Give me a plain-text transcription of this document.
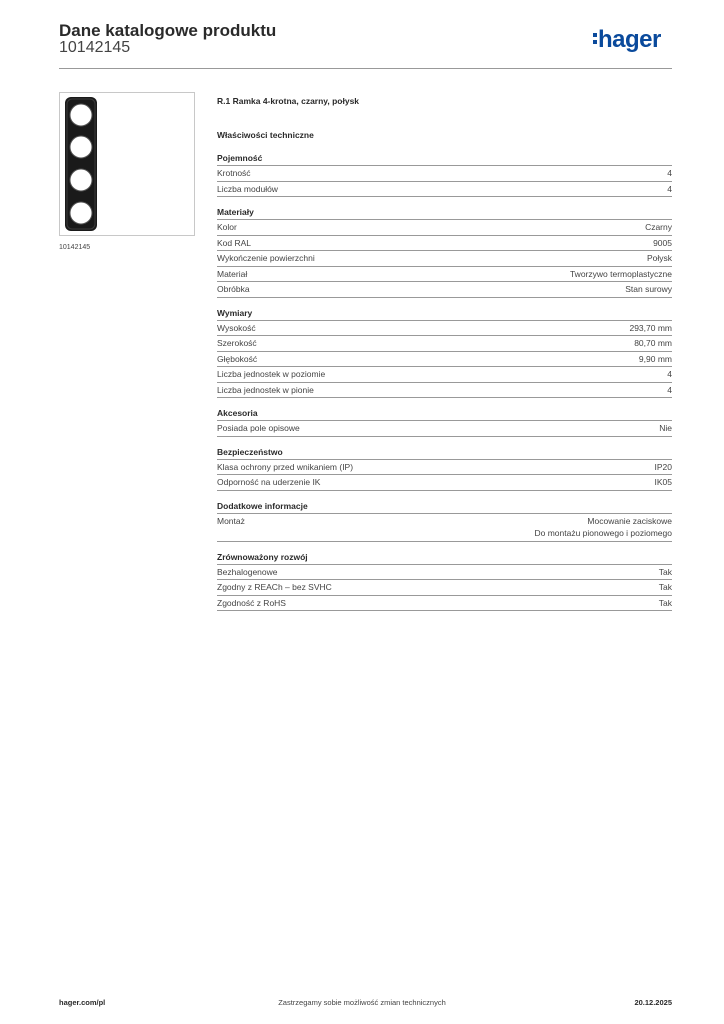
Dane katalogowe produktu
10142145	hager
10142145
R.1 Ramka 4-krotna, czarny, połysk
Właściwości techniczne
Pojemność
Krotność	4
Liczba modułów	4
Materiały
Kolor	Czarny
Kod RAL	9005
Wykończenie powierzchni	Połysk
Materiał	Tworzywo termoplastyczne
Obróbka	Stan surowy
Wymiary
Wysokość	293,70 mm
Szerokość	80,70 mm
Głębokość	9,90 mm
Liczba jednostek w poziomie	4
Liczba jednostek w pionie	4
Akcesoria
Posiada pole opisowe	Nie
Bezpieczeństwo
Klasa ochrony przed wnikaniem (IP)	IP20
Odporność na uderzenie IK	IK05
Dodatkowe informacje
Montaż	Mocowanie zaciskowe
Do montażu pionowego i poziomego
Zrównoważony rozwój
Bezhalogenowe	Tak
Zgodny z REACh – bez SVHC	Tak
Zgodność z RoHS	Tak
hager.com/pl	Zastrzegamy sobie możliwość zmian technicznych	20.12.2025
